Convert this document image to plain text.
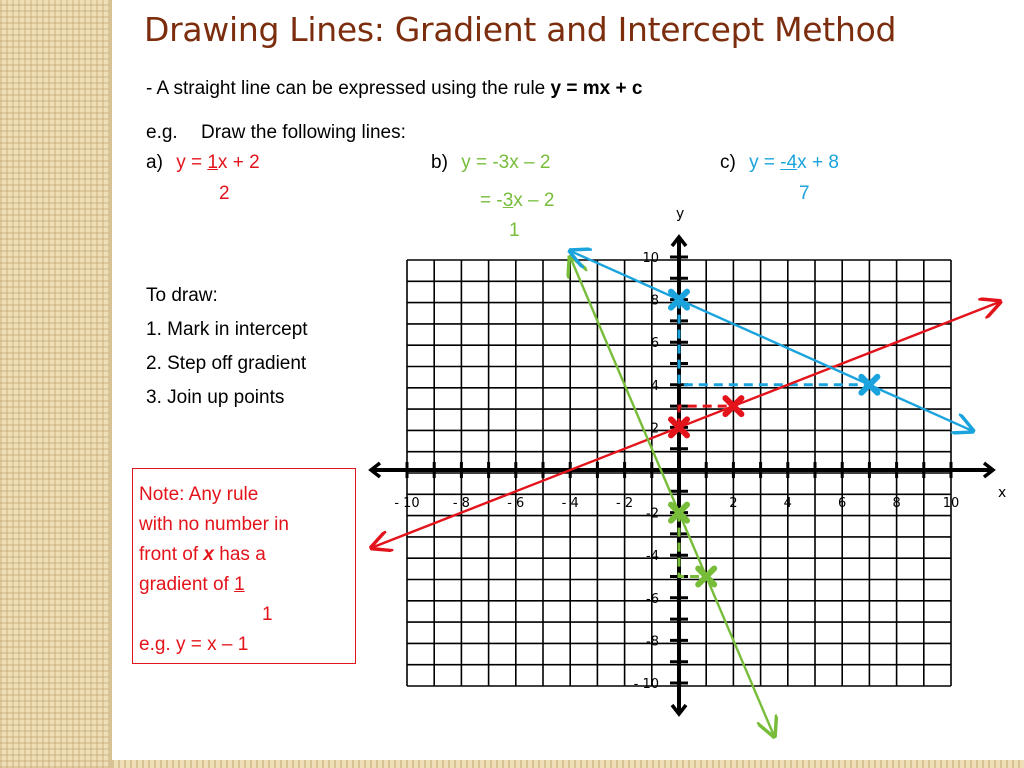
Drawing Lines: Gradient and Intercept Method
- A straight line can be expressed using the rule y = mx + c
e.g. Draw the following lines:
a) y = 1x + 2
2
b) y = -3x – 2
= -3x – 2
1
c) y = -4x + 8
7
To draw:
1. Mark in intercept
2. Step off gradient
3. Join up points
Note: Any rule
with no number in
front of x has a
gradient of 1
1
e.g. y = x – 1
- 10	- 8	- 6	- 4	- 2	2	4	6	8	10
10
8
6
4
2
-2
-4
-6
-8
- 10
x
y
